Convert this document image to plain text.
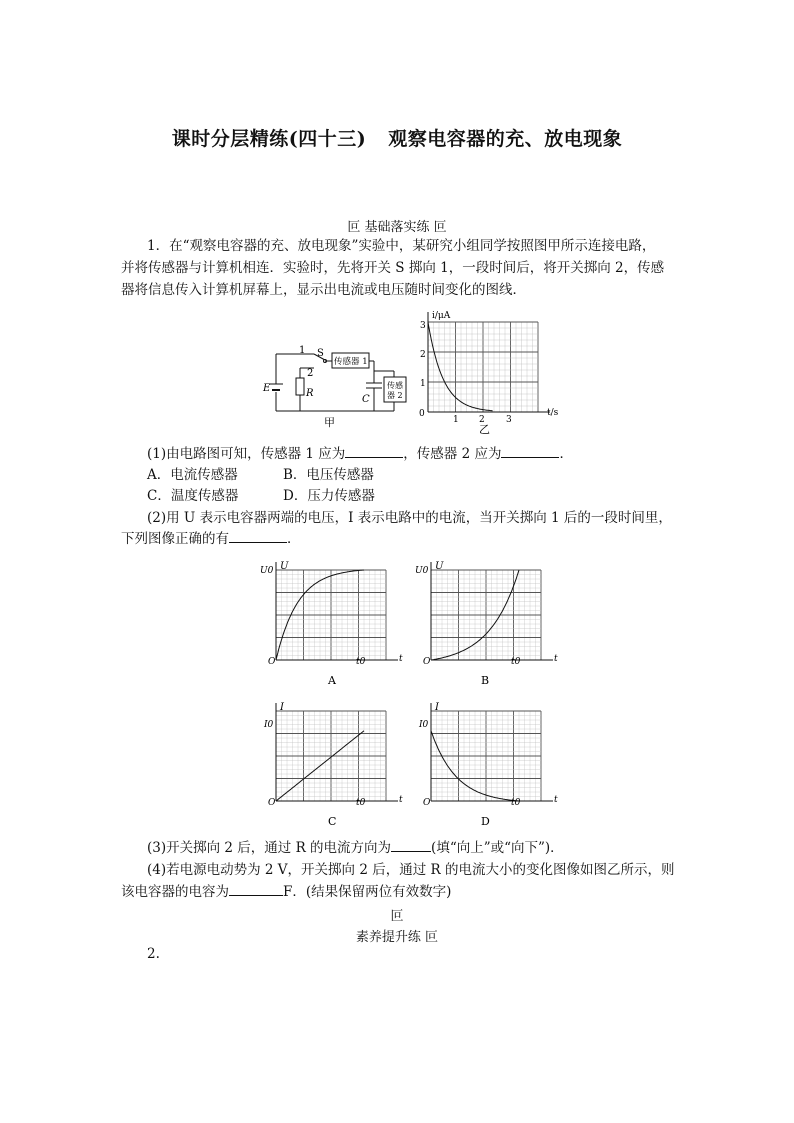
课时分层精练(四十三) 观察电容器的充、放电现象
叵 基础落实练 叵
1．在“观察电容器的充、放电现象”实验中，某研究小组同学按照图甲所示连接电路，
并将传感器与计算机相连．实验时，先将开关 S 掷向 1，一段时间后，将开关掷向 2，传感
器将信息传入计算机屏幕上，显示出电流或电压随时间变化的图线．
1 S
2
E	R
C
传感器 1
传感
器 2
甲
i/μA
t/s
0
1 2 3
1
2
3
乙
(1)由电路图可知，传感器 1 应为	，传感器 2 应为	．
A．电流传感器	B．电压传感器
C．温度传感器	D．压力传感器
(2)用 U 表示电容器两端的电压，I 表示电路中的电流，当开关掷向 1 后的一段时间里，
下列图像正确的有	．
U0 U
O	t0	t
A
U0 U
O	t0	t
B
I0
I
O	t0	t
C
I0
I
O	t0	t
D
(3)开关掷向 2 后，通过 R 的电流方向为	(填“向上”或“向下”)．
(4)若电源电动势为 2 V，开关掷向 2 后，通过 R 的电流大小的变化图像如图乙所示，则
该电容器的电容为	F．(结果保留两位有效数字)
叵
素养提升练 叵
2.
